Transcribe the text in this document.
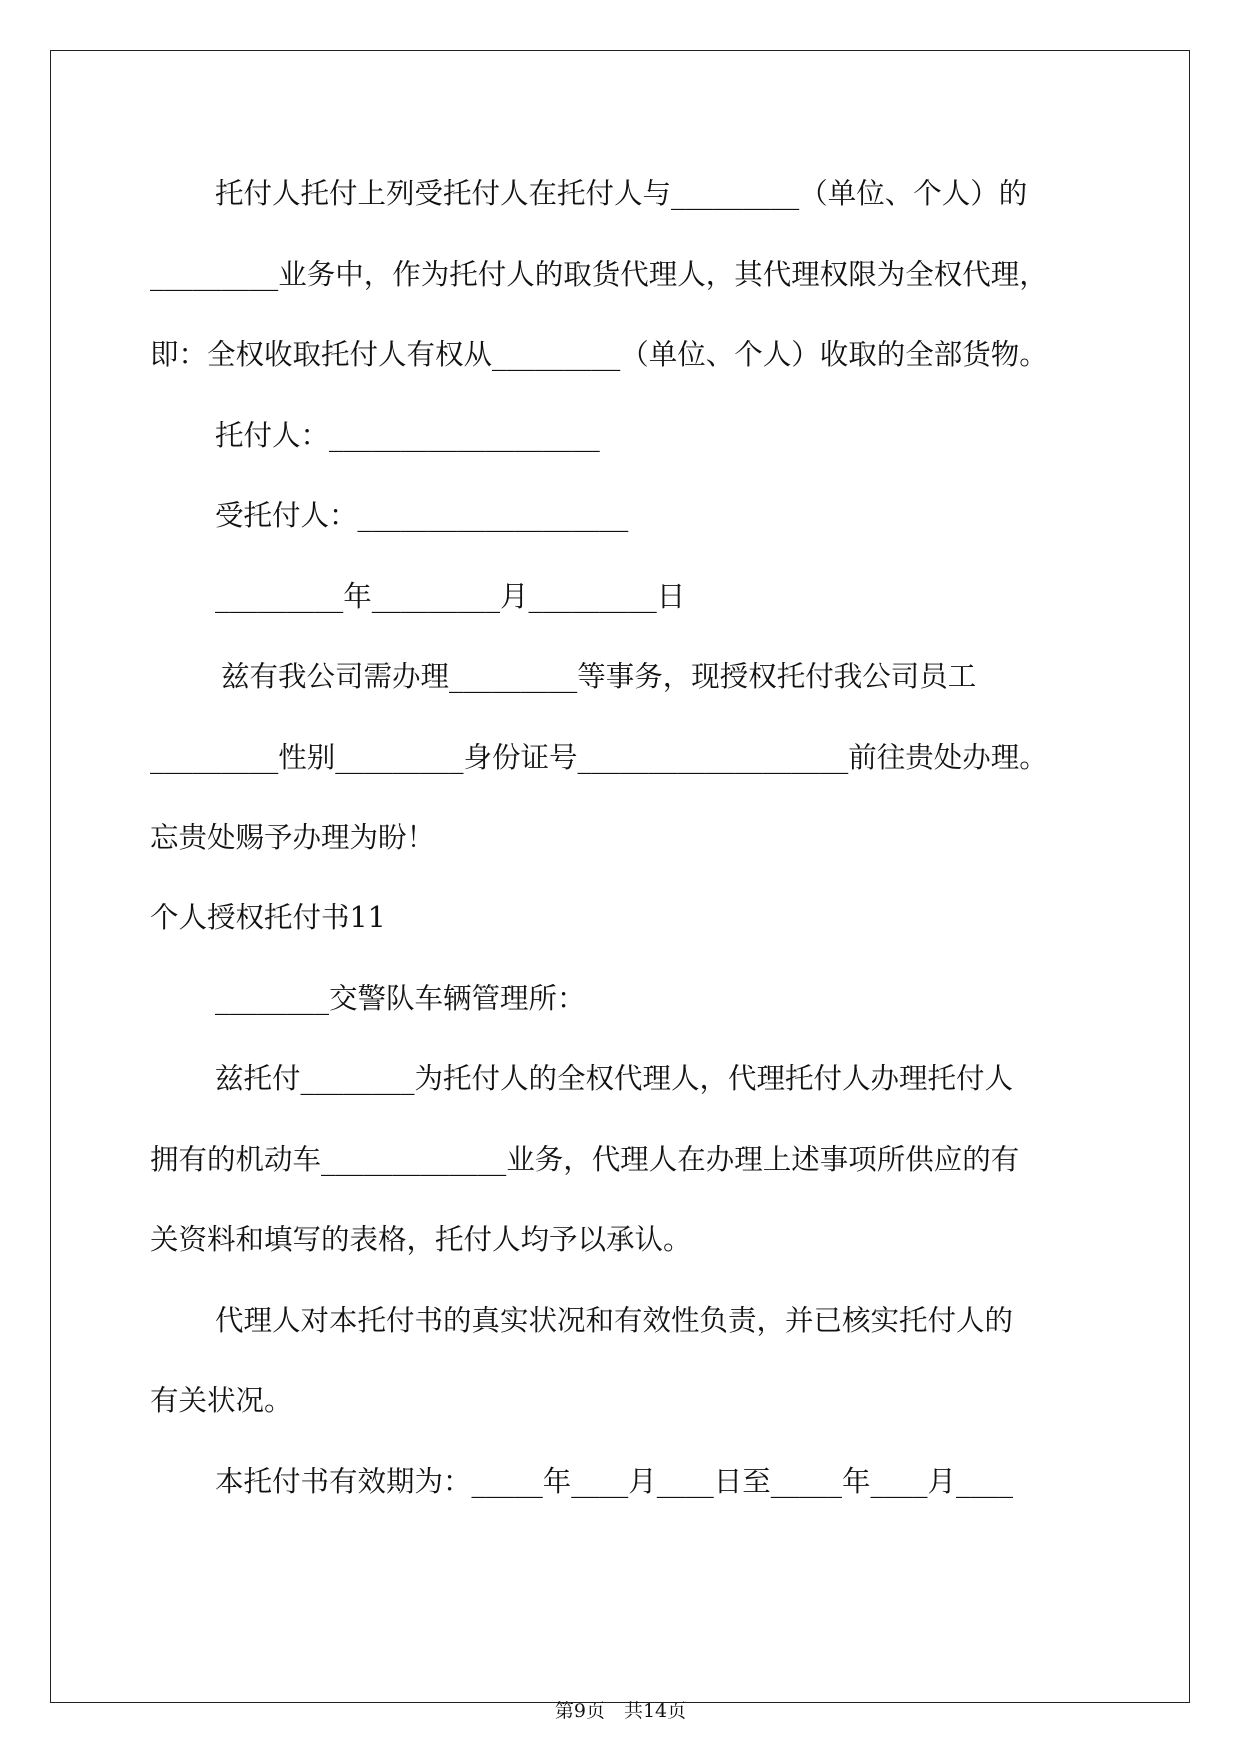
托付人托付上列受托付人在托付人与_________（单位、个人）的
_________业务中，作为托付人的取货代理人，其代理权限为全权代理，
即：全权收取托付人有权从_________（单位、个人）收取的全部货物。
托付人：___________________
受托付人：___________________
_________年_________月_________日
兹有我公司需办理_________等事务，现授权托付我公司员工
_________性别_________身份证号___________________前往贵处办理。
忘贵处赐予办理为盼！
个人授权托付书11
________交警队车辆管理所：
兹托付________为托付人的全权代理人，代理托付人办理托付人
拥有的机动车_____________业务，代理人在办理上述事项所供应的有
关资料和填写的表格，托付人均予以承认。
代理人对本托付书的真实状况和有效性负责，并已核实托付人的
有关状况。
本托付书有效期为：_____年____月____日至_____年____月____
第9页　共14页
